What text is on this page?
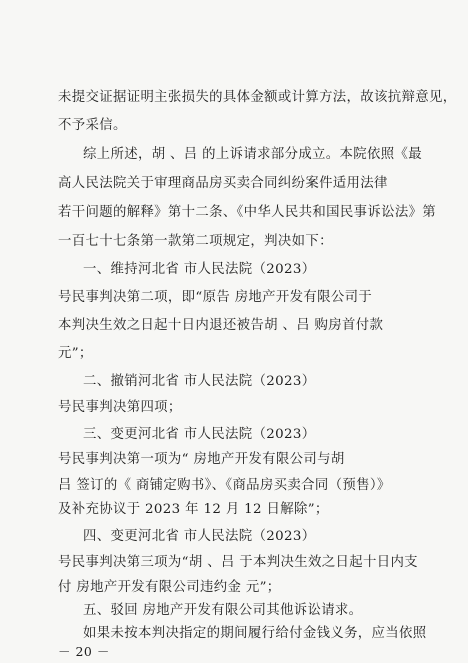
未提交证据证明主张损失的具体金额或计算方法，故该抗辩意见，
不予采信。
综上所述，胡 、吕 的上诉请求部分成立。本院依照《最
高人民法院关于审理商品房买卖合同纠纷案件适用法律
若干问题的解释》第十二条、《中华人民共和国民事诉讼法》第
一百七十七条第一款第二项规定，判决如下：
一、维持河北省 市人民法院（2023）
号民事判决第二项，即“原告 房地产开发有限公司于
本判决生效之日起十日内退还被告胡 、吕 购房首付款
元”；
二、撤销河北省 市人民法院（2023）
号民事判决第四项；
三、变更河北省 市人民法院（2023）
号民事判决第一项为“ 房地产开发有限公司与胡
吕 签订的《 商铺定购书》、《商品房买卖合同（预售）》
及补充协议于 2023 年 12 月 12 日解除”；
四、变更河北省 市人民法院（2023）
号民事判决第三项为“胡 、吕 于本判决生效之日起十日内支
－ 20 －
付 房地产开发有限公司违约金 元”；
五、驳回 房地产开发有限公司其他诉讼请求。
如果未按本判决指定的期间履行给付金钱义务，应当依照
